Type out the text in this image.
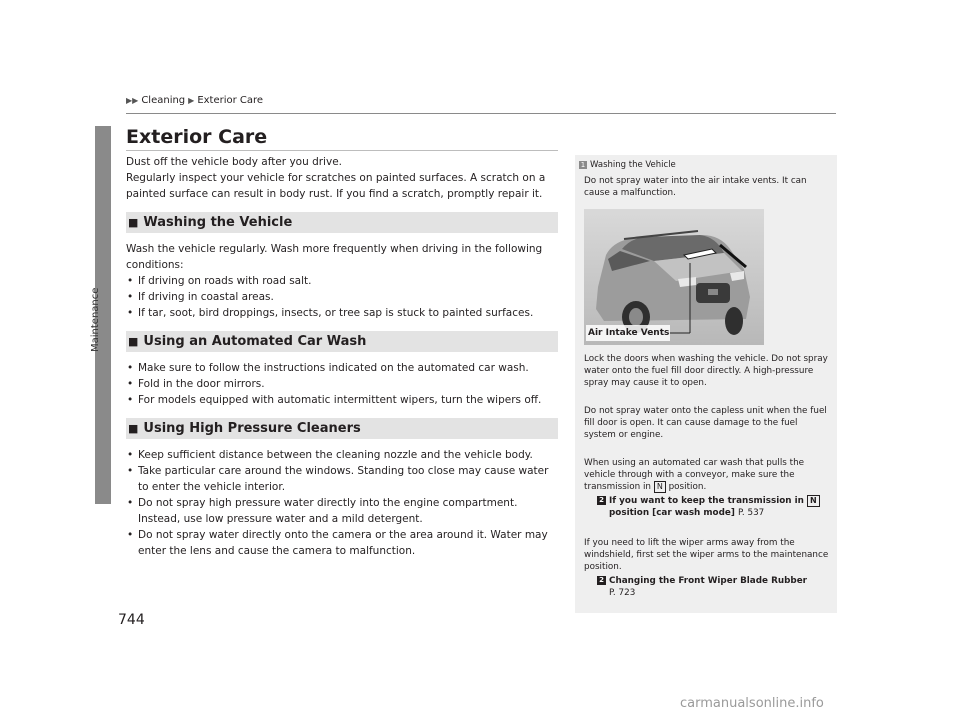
▶▶ Cleaning ▶ Exterior Care
Maintenance
744
Exterior Care

Dust off the vehicle body after you drive.

Regularly inspect your vehicle for scratches on painted surfaces. A scratch on a painted surface can result in body rust. If you find a scratch, promptly repair it.

■ Washing the Vehicle

Wash the vehicle regularly. Wash more frequently when driving in the following conditions:

• If driving on roads with road salt.
• If driving in coastal areas.
• If tar, soot, bird droppings, insects, or tree sap is stuck to painted surfaces.
■ Using an Automated Car Wash
• Make sure to follow the instructions indicated on the automated car wash.
• Fold in the door mirrors.
• For models equipped with automatic intermittent wipers, turn the wipers off.
■ Using High Pressure Cleaners
• Keep sufficient distance between the cleaning nozzle and the vehicle body.
• Take particular care around the windows. Standing too close may cause water to enter the vehicle interior.
• Do not spray high pressure water directly into the engine compartment. Instead, use low pressure water and a mild detergent.
• Do not spray water directly onto the camera or the area around it. Water may enter the lens and cause the camera to malfunction.
1 Washing the Vehicle

Do not spray water into the air intake vents. It can cause a malfunction.

Air Intake Vents

Lock the doors when washing the vehicle. Do not spray water onto the fuel fill door directly. A high-pressure spray may cause it to open.

Do not spray water onto the capless unit when the fuel fill door is open. It can cause damage to the fuel system or engine.

When using an automated car wash that pulls the vehicle through with a conveyor, make sure the transmission in N position.
2 If you want to keep the transmission in N position [car wash mode] P. 537

If you need to lift the wiper arms away from the windshield, first set the wiper arms to the maintenance position.

2 Changing the Front Wiper Blade Rubber
P. 723
carmanualsonline.info
